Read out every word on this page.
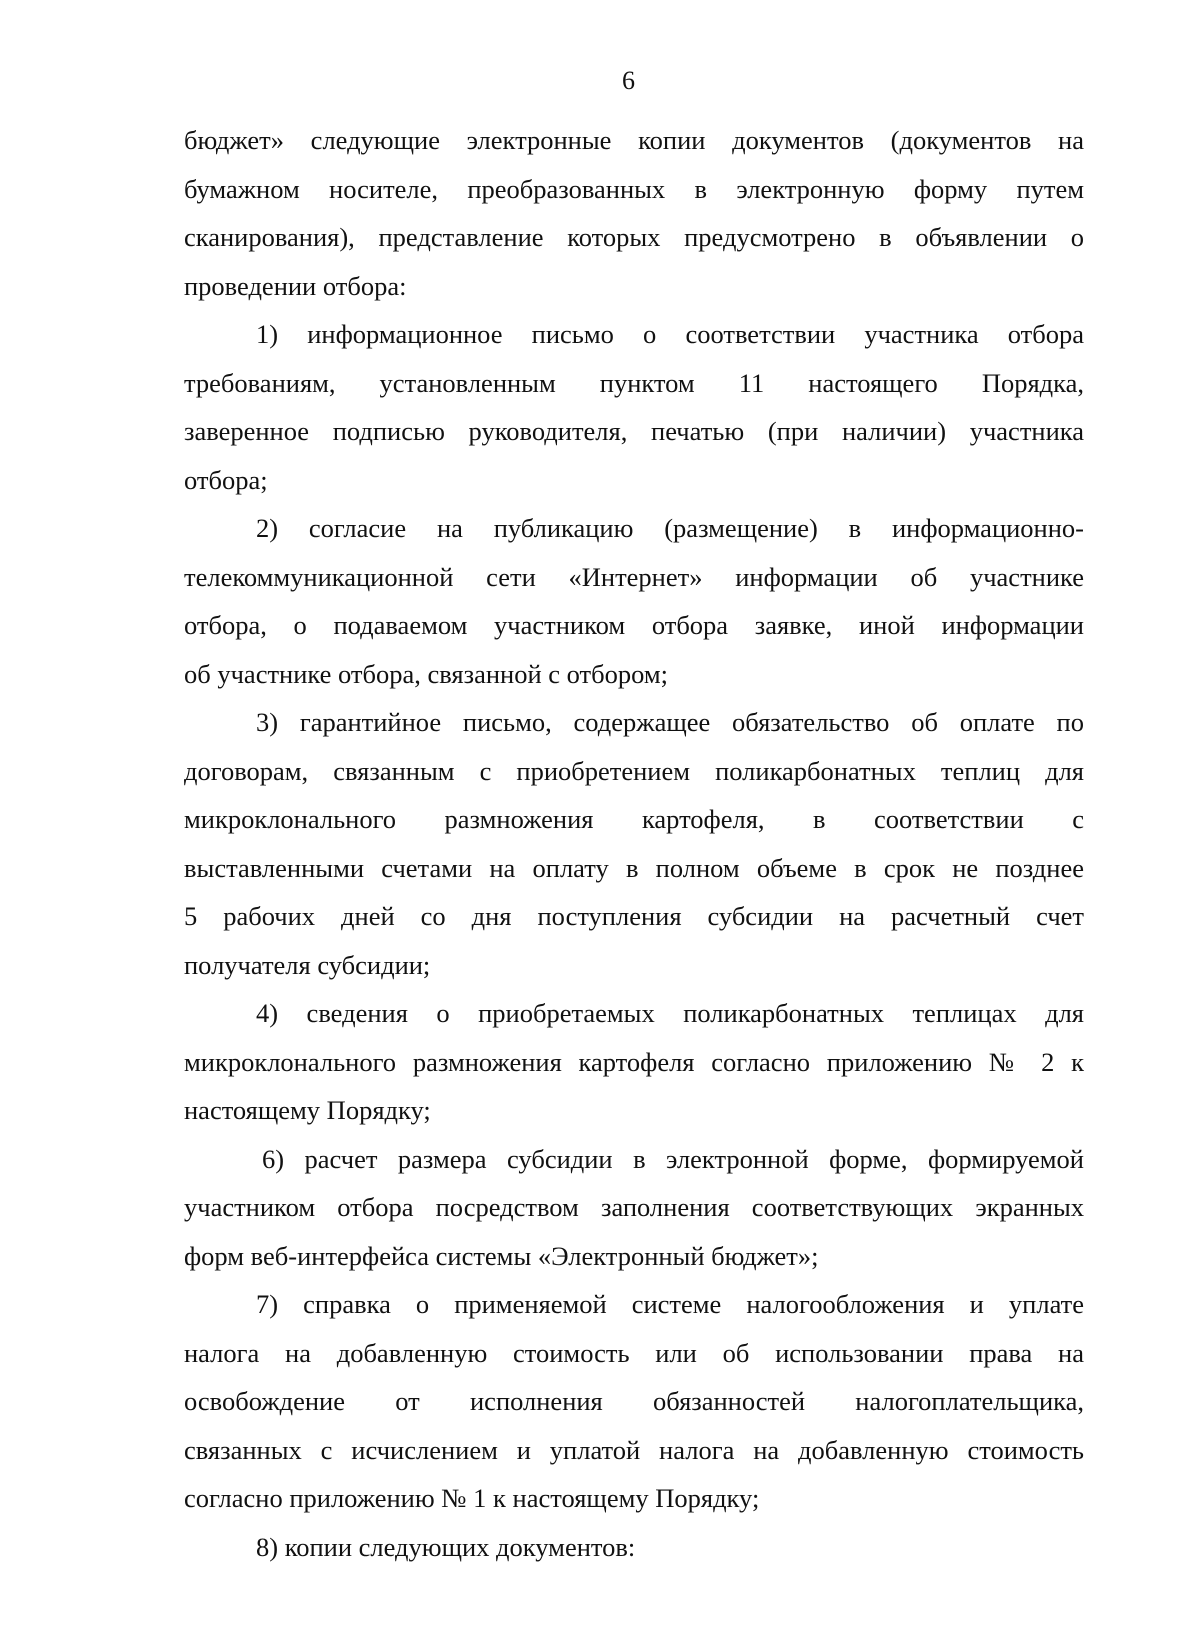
6

бюджет» следующие электронные копии документов (документов на
бумажном носителе, преобразованных в электронную форму путем
сканирования), представление которых предусмотрено в объявлении о
проведении отбора:

1) информационное письмо о соответствии участника отбора
требованиям, установленным пунктом 11 настоящего Порядка,
заверенное подписью руководителя, печатью (при наличии) участника
отбора;

2) согласие на публикацию (размещение) в информационно-
телекоммуникационной сети «Интернет» информации об участнике
отбора, о подаваемом участником отбора заявке, иной информации
об участнике отбора, связанной с отбором;

3) гарантийное письмо, содержащее обязательство об оплате по
договорам, связанным с приобретением поликарбонатных теплиц для
микроклонального размножения картофеля, в соответствии с
выставленными счетами на оплату в полном объеме в срок не позднее
5 рабочих дней со дня поступления субсидии на расчетный счет
получателя субсидии;

4) сведения о приобретаемых поликарбонатных теплицах для
микроклонального размножения картофеля согласно приложению № 2 к
настоящему Порядку;

6) расчет размера субсидии в электронной форме, формируемой
участником отбора посредством заполнения соответствующих экранных
форм веб-интерфейса системы «Электронный бюджет»;

7) справка о применяемой системе налогообложения и уплате
налога на добавленную стоимость или об использовании права на
освобождение от исполнения обязанностей налогоплательщика,
связанных с исчислением и уплатой налога на добавленную стоимость
согласно приложению № 1 к настоящему Порядку;

8) копии следующих документов:
